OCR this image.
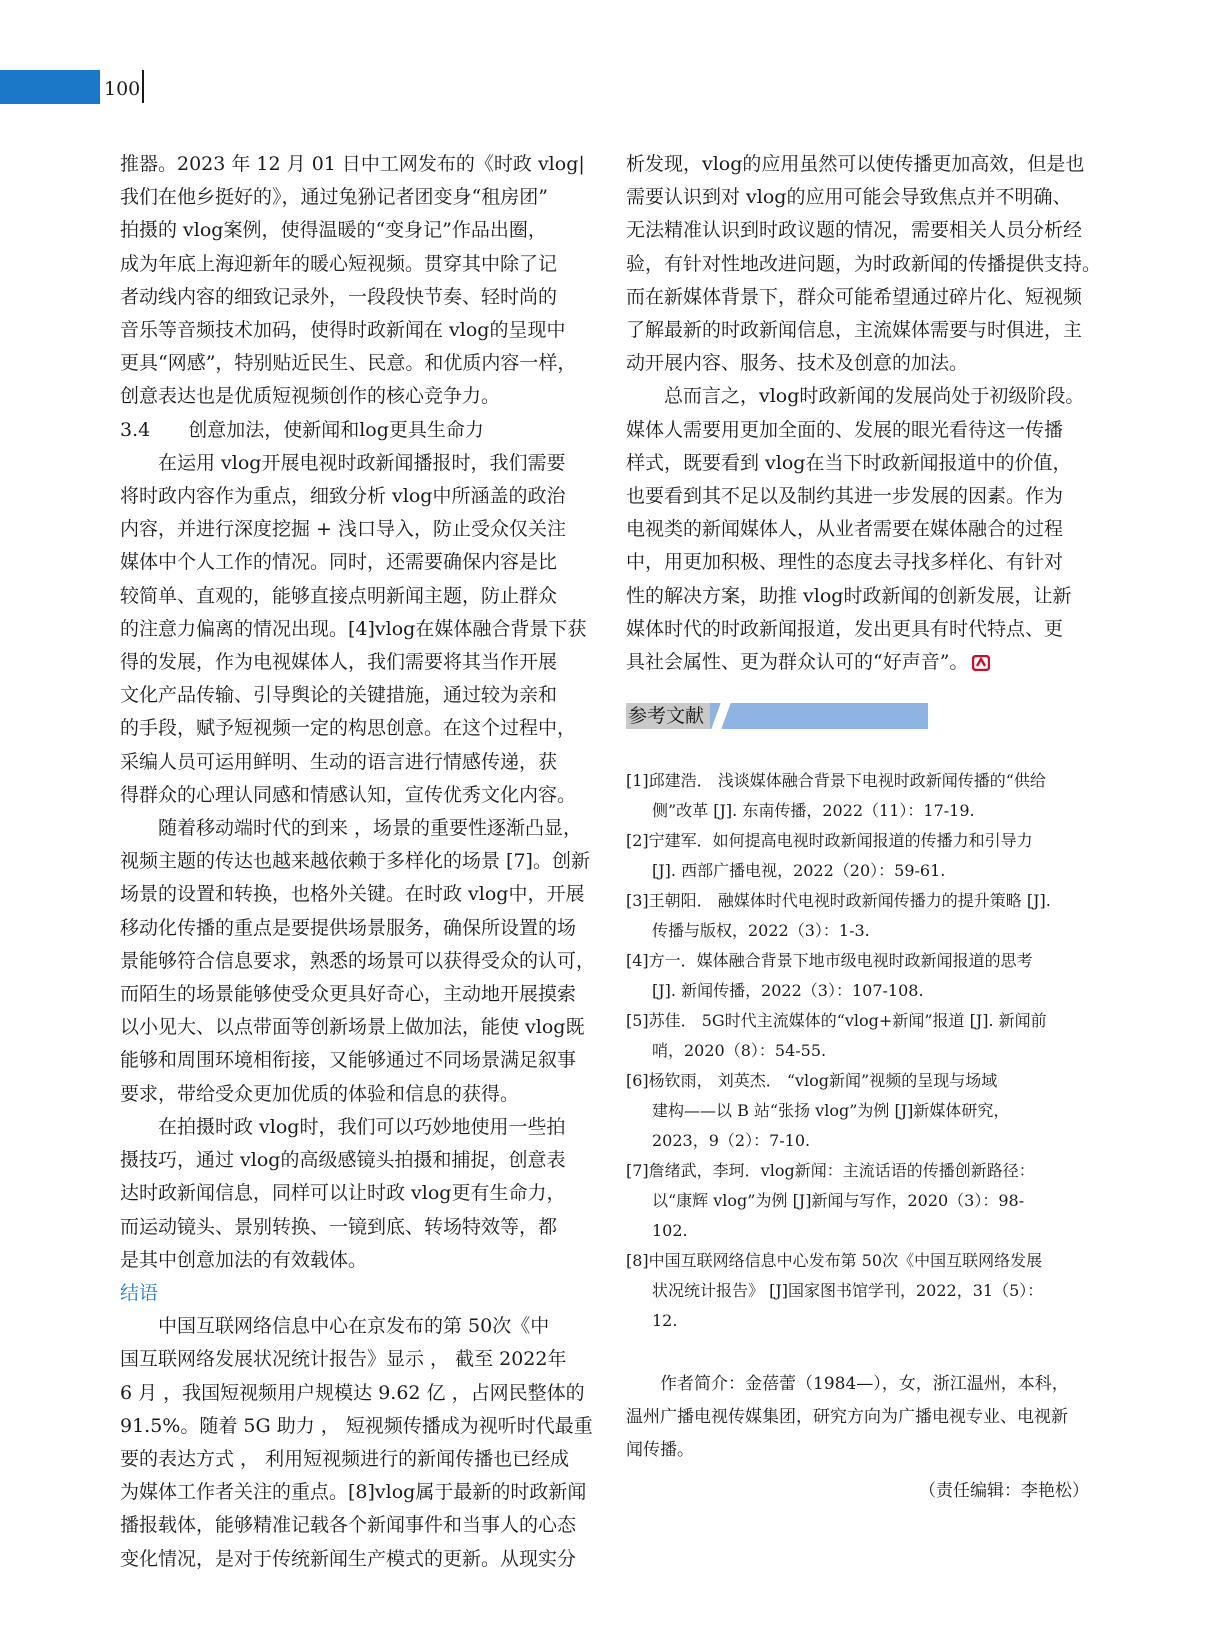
100
推器。2023 年 12 月 01 日中工网发布的《时政 vlog|
我们在他乡挺好的》，通过兔狲记者团变身“租房团”
拍摄的 vlog案例，使得温暖的“变身记”作品出圈，
成为年底上海迎新年的暖心短视频。贯穿其中除了记
者动线内容的细致记录外，一段段快节奏、轻时尚的
音乐等音频技术加码，使得时政新闻在 vlog的呈现中
更具“网感”，特别贴近民生、民意。和优质内容一样，
创意表达也是优质短视频创作的核心竞争力。
3.4　　创意加法，使新闻和log更具生命力
　　在运用 vlog开展电视时政新闻播报时，我们需要
将时政内容作为重点，细致分析 vlog中所涵盖的政治
内容，并进行深度挖掘 + 浅口导入，防止受众仅关注
媒体中个人工作的情况。同时，还需要确保内容是比
较简单、直观的，能够直接点明新闻主题，防止群众
的注意力偏离的情况出现。[4]vlog在媒体融合背景下获
得的发展，作为电视媒体人，我们需要将其当作开展
文化产品传输、引导舆论的关键措施，通过较为亲和
的手段，赋予短视频一定的构思创意。在这个过程中，
采编人员可运用鲜明、生动的语言进行情感传递，获
得群众的心理认同感和情感认知，宣传优秀文化内容。
　　随着移动端时代的到来 ，场景的重要性逐渐凸显，
视频主题的传达也越来越依赖于多样化的场景 [7]。创新
场景的设置和转换，也格外关键。在时政 vlog中，开展
移动化传播的重点是要提供场景服务，确保所设置的场
景能够符合信息要求，熟悉的场景可以获得受众的认可，
而陌生的场景能够使受众更具好奇心，主动地开展摸索
以小见大、以点带面等创新场景上做加法，能使 vlog既
能够和周围环境相衔接，又能够通过不同场景满足叙事
要求，带给受众更加优质的体验和信息的获得。
　　在拍摄时政 vlog时，我们可以巧妙地使用一些拍
摄技巧，通过 vlog的高级感镜头拍摄和捕捉，创意表
达时政新闻信息，同样可以让时政 vlog更有生命力，
而运动镜头、景别转换、一镜到底、转场特效等，都
是其中创意加法的有效载体。
结语
　　中国互联网络信息中心在京发布的第 50次《中
国互联网络发展状况统计报告》显示 ， 截至 2022年
6 月 ，我国短视频用户规模达 9.62 亿 ，占网民整体的
91.5%。随着 5G 助力 ， 短视频传播成为视听时代最重
要的表达方式 ， 利用短视频进行的新闻传播也已经成
为媒体工作者关注的重点。[8]vlog属于最新的时政新闻
播报载体，能够精准记载各个新闻事件和当事人的心态
变化情况，是对于传统新闻生产模式的更新。从现实分
析发现，vlog的应用虽然可以使传播更加高效，但是也
需要认识到对 vlog的应用可能会导致焦点并不明确、
无法精准认识到时政议题的情况，需要相关人员分析经
验，有针对性地改进问题，为时政新闻的传播提供支持。
而在新媒体背景下，群众可能希望通过碎片化、短视频
了解最新的时政新闻信息，主流媒体需要与时俱进，主
动开展内容、服务、技术及创意的加法。
　　总而言之，vlog时政新闻的发展尚处于初级阶段。
媒体人需要用更加全面的、发展的眼光看待这一传播
样式，既要看到 vlog在当下时政新闻报道中的价值，
也要看到其不足以及制约其进一步发展的因素。作为
电视类的新闻媒体人，从业者需要在媒体融合的过程
中，用更加积极、理性的态度去寻找多样化、有针对
性的解决方案，助推 vlog时政新闻的创新发展，让新
媒体时代的时政新闻报道，发出更具有时代特点、更
具社会属性、更为群众认可的“好声音”。
参考文献
[1]邱建浩． 浅谈媒体融合背景下电视时政新闻传播的“供给
侧”改革 [J]. 东南传播，2022（11）：17-19.
[2]宁建军．如何提高电视时政新闻报道的传播力和引导力
[J]. 西部广播电视，2022（20）：59-61.
[3]王朝阳． 融媒体时代电视时政新闻传播力的提升策略 [J].
传播与版权，2022（3）：1-3.
[4]方一．媒体融合背景下地市级电视时政新闻报道的思考
[J]. 新闻传播，2022（3）：107-108.
[5]苏佳． 5G时代主流媒体的“vlog+新闻”报道 [J]. 新闻前
哨，2020（8）：54-55.
[6]杨钦雨， 刘英杰． “vlog新闻”视频的呈现与场域
建构——以 B 站“张扬 vlog”为例 [J]新媒体研究，
2023，9（2）：7-10.
[7]詹绪武，李珂．vlog新闻：主流话语的传播创新路径：
以“康辉 vlog”为例 [J]新闻与写作，2020（3）：98-
102.
[8]中国互联网络信息中心发布第 50次《中国互联网络发展
状况统计报告》 [J]国家图书馆学刊，2022，31（5）：
12.
作者简介：金蓓蕾（1984—），女，浙江温州，本科，
温州广播电视传媒集团，研究方向为广播电视专业、电视新
闻传播。
（责任编辑：李艳松）
